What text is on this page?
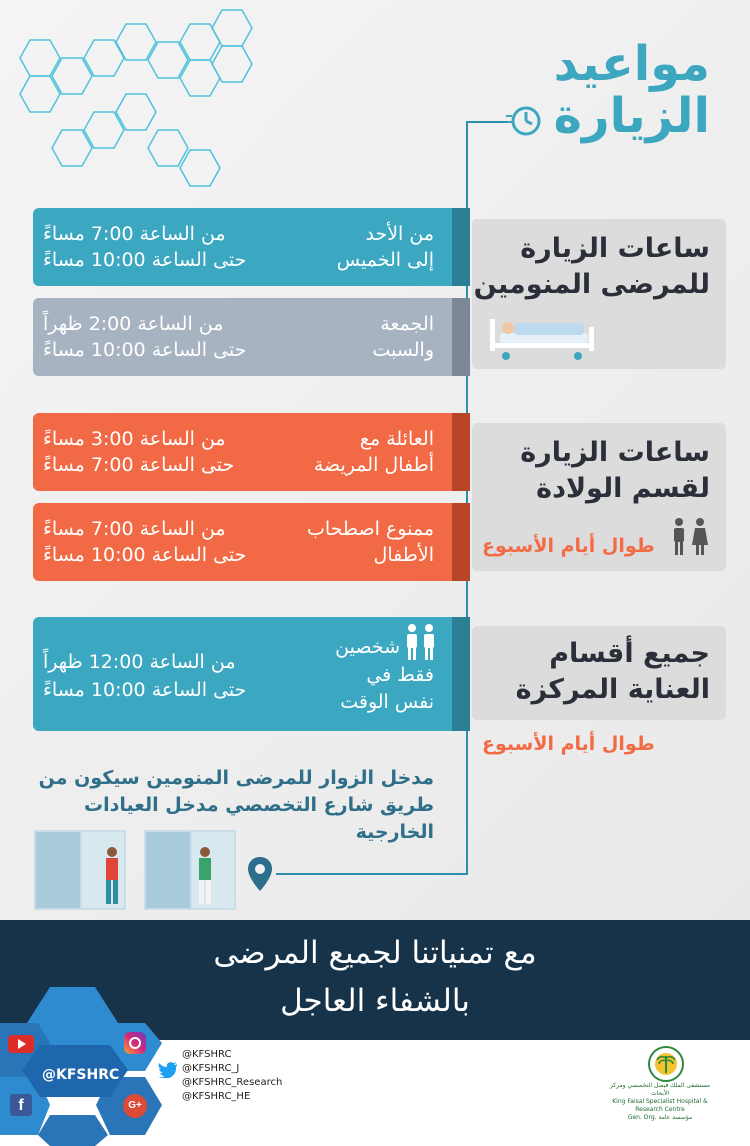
مواعيد
الزيارة
ساعات الزيارة
للمرضى المنومين
من الأحد
إلى الخميس
من الساعة 7:00 مساءً
حتى الساعة 10:00 مساءً
الجمعة
والسبت
من الساعة 2:00 ظهراً
حتى الساعة 10:00 مساءً
ساعات الزيارة
لقسم الولادة
طوال أيام الأسبوع
العائلة مع
أطفال المريضة
من الساعة 3:00 مساءً
حتى الساعة 7:00 مساءً
ممنوع اصطحاب
الأطفال
من الساعة 7:00 مساءً
حتى الساعة 10:00 مساءً
جميع أقسام
العناية المركزة
طوال أيام الأسبوع
شخصين
فقط في
نفس الوقت
من الساعة 12:00 ظهراً
حتى الساعة 10:00 مساءً
مدخل الزوار للمرضى المنومين سيكون من
طريق شارع التخصصي مدخل العيادات
الخارجية
مع تمنياتنا لجميع المرضى
بالشفاء العاجل
@KFSHRC
f	G+
@KFSHRC
@KFSHRC_J
@KFSHRC_Research
@KFSHRC_HE
مستشفى الملك فيصل التخصصي ومركز الأبحاث
King Faisal Specialist Hospital & Research Centre
Gen. Org. مؤسسة عامة
